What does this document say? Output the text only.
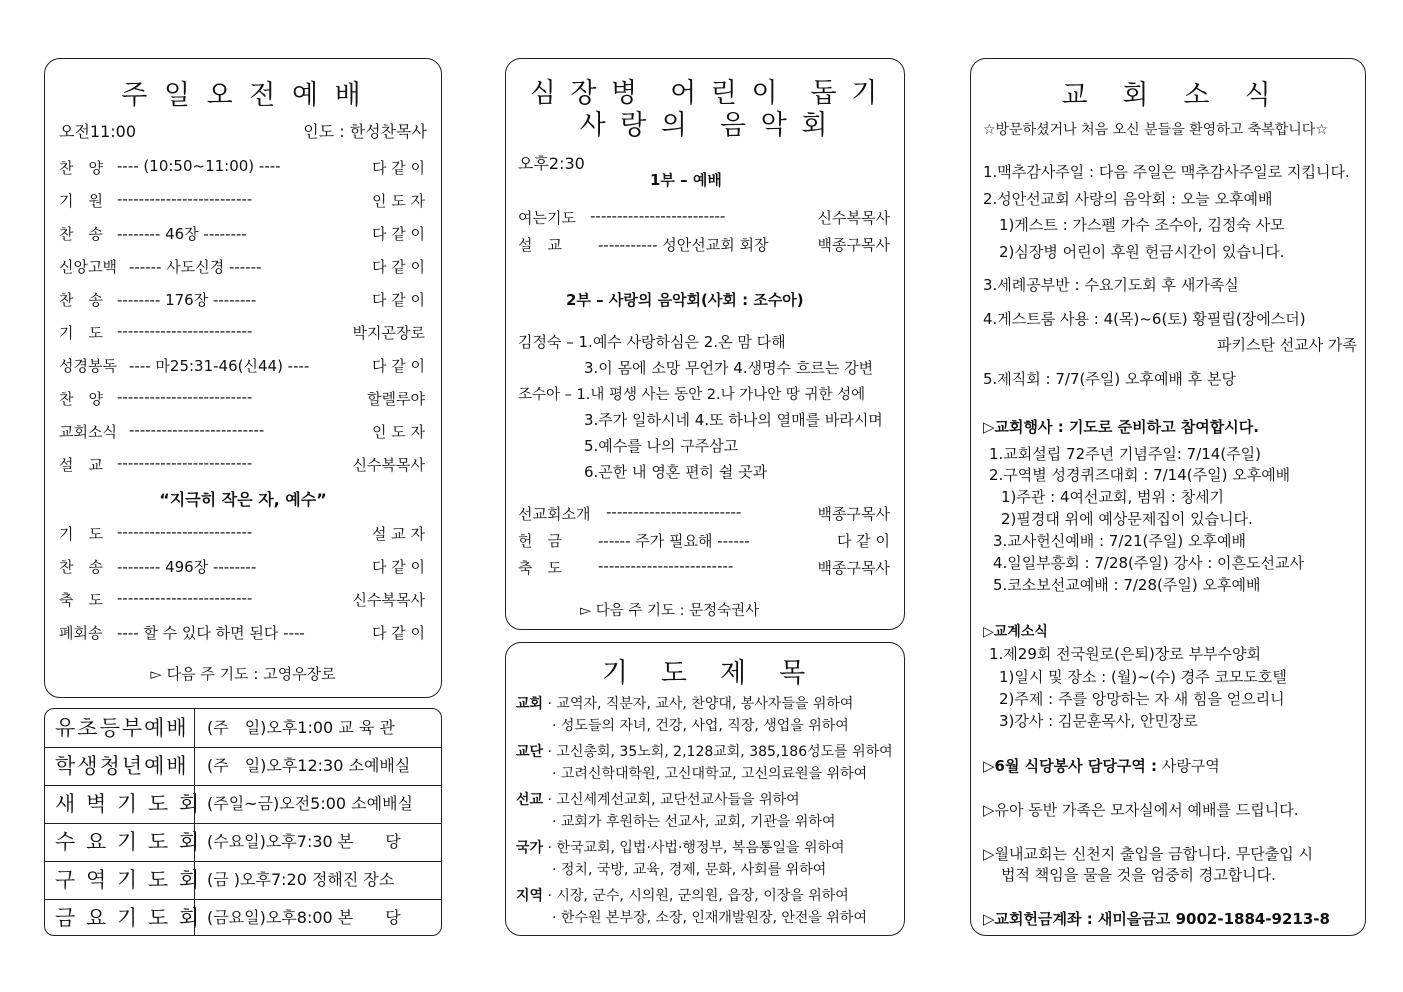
주 일 오 전 예 배
오전11:00	인도 : 한성찬목사
찬　양 ---- (10:50~11:00) ----	다 같 이
기　원 -------------------------	인 도 자
찬　송 -------- 46장 --------	다 같 이
신앙고백 ------ 사도신경 ------	다 같 이
찬　송 -------- 176장 --------	다 같 이
기　도 -------------------------	박지곤장로
성경봉독 ---- 마25:31-46(신44) ----	다 같 이
찬　양 -------------------------	할렐루야
교회소식 -------------------------	인 도 자
설　교 -------------------------	신수복목사
“지극히 작은 자, 예수”
기　도 -------------------------	설 교 자
찬　송 -------- 496장 --------	다 같 이
축　도 -------------------------	신수복목사
폐회송 ---- 할 수 있다 하면 된다 ----	다 같 이
▻ 다음 주 기도 : 고영우장로
유초등부예배	(주　일)오후1:00 교 육 관
학생청년예배	(주　일)오후12:30 소예배실
새 벽 기 도 회 (주일~금)오전5:00 소예배실
수 요 기 도 회 (수요일)오후7:30 본　　당
구 역 기 도 회 (금 )오후7:20 정해진 장소
금 요 기 도 회 (금요일)오후8:00 본　　당
심 장 병　어 린 이　돕 기
사 랑 의　음 악 회
오후2:30
1부 – 예배
여는기도 -------------------------	신수복목사
설　교 ----------- 성안선교회 회장	백종구목사
2부 – 사랑의 음악회(사회 : 조수아)
김정숙 – 1.예수 사랑하심은 2.온 맘 다해
3.이 몸에 소망 무언가 4.생명수 흐르는 강변
조수아 – 1.내 평생 사는 동안 2.나 가나안 땅 귀한 성에
3.주가 일하시네 4.또 하나의 열매를 바라시며
5.예수를 나의 구주삼고
6.곤한 내 영혼 편히 쉴 곳과
선교회소개 -------------------------	백종구목사
헌　금 ------ 주가 필요해 ------	다 같 이
축　도 -------------------------	백종구목사
▻ 다음 주 기도 : 문정숙권사
기　도　제　목
교회 · 교역자, 직분자, 교사, 찬양대, 봉사자들을 위하여
· 성도들의 자녀, 건강, 사업, 직장, 생업을 위하여
교단 · 고신총회, 35노회, 2,128교회, 385,186성도를 위하여
· 고려신학대학원, 고신대학교, 고신의료원을 위하여
선교 · 고신세계선교회, 교단선교사들을 위하여
· 교회가 후원하는 선교사, 교회, 기관을 위하여
국가 · 한국교회, 입법·사법·행정부, 복음통일을 위하여
· 정치, 국방, 교육, 경제, 문화, 사회를 위하여
지역 · 시장, 군수, 시의원, 군의원, 읍장, 이장을 위하여
· 한수원 본부장, 소장, 인재개발원장, 안전을 위하여
교　회　소　식
☆방문하셨거나 처음 오신 분들을 환영하고 축복합니다☆
1.맥추감사주일 : 다음 주일은 맥추감사주일로 지킵니다.
2.성안선교회 사랑의 음악회 : 오늘 오후예배
1)게스트 : 가스펠 가수 조수아, 김정숙 사모
2)심장병 어린이 후원 헌금시간이 있습니다.
3.세례공부반 : 수요기도회 후 새가족실
4.게스트룸 사용 : 4(목)~6(토) 황필립(장에스더)
파키스탄 선교사 가족
5.제직회 : 7/7(주일) 오후예배 후 본당
▷교회행사 : 기도로 준비하고 참여합시다.
1.교회설립 72주년 기념주일: 7/14(주일)
2.구역별 성경퀴즈대회 : 7/14(주일) 오후예배
1)주관 : 4여선교회, 범위 : 창세기
2)필경대 위에 예상문제집이 있습니다.
3.교사헌신예배 : 7/21(주일) 오후예배
4.일일부흥회 : 7/28(주일) 강사 : 이흔도선교사
5.코소보선교예배 : 7/28(주일) 오후예배
▷교계소식
1.제29회 전국원로(은퇴)장로 부부수양회
1)일시 및 장소 : (월)~(수) 경주 코모도호텔
2)주제 : 주를 앙망하는 자 새 힘을 얻으리니
3)강사 : 김문훈목사, 안민장로
▷6월 식당봉사 담당구역 : 사랑구역
▷유아 동반 가족은 모자실에서 예배를 드립니다.
▷월내교회는 신천지 출입을 금합니다. 무단출입 시
법적 책임을 물을 것을 엄중히 경고합니다.
▷교회헌금계좌 : 새미을금고 9002-1884-9213-8
